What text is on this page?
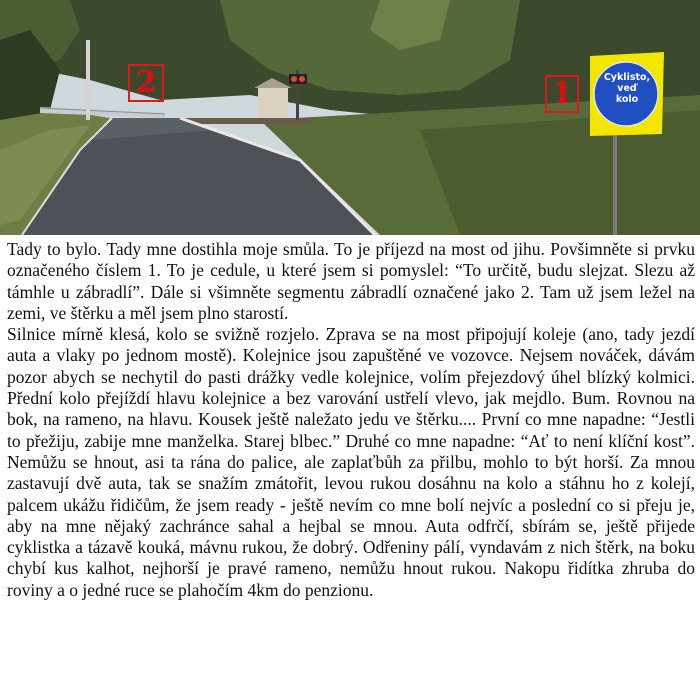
2	1	Cyklisto,
veď
kolo

Tady to bylo. Tady mne dostihla moje smůla. To je příjezd na most od jihu. Povšimněte si prvku označeného číslem 1. To je cedule, u které jsem si pomyslel: “To určitě, budu slejzat. Slezu až támhle u zábradlí”. Dále si všimněte segmentu zábradlí označené jako 2. Tam už jsem ležel na zemi, ve štěrku a měl jsem plno starostí.

Silnice mírně klesá, kolo se svižně rozjelo. Zprava se na most připojují koleje (ano, tady jezdí auta a vlaky po jednom mostě). Kolejnice jsou zapuštěné ve vozovce. Nejsem nováček, dávám pozor abych se nechytil do pasti drážky vedle kolejnice, volím přejezdový úhel blízký kolmici. Přední kolo přejíždí hlavu kolejnice a bez varování ustřelí vlevo, jak mejdlo. Bum. Rovnou na bok, na rameno, na hlavu. Kousek ještě naležato jedu ve štěrku.... První co mne napadne: “Jestli to přežiju, zabije mne manželka. Starej blbec.” Druhé co mne napadne: “Ať to není klíční kost”. Nemůžu se hnout, asi ta rána do palice, ale zaplaťbůh za přilbu, mohlo to být horší. Za mnou zastavují dvě auta, tak se snažím zmátořit, levou rukou dosáhnu na kolo a stáhnu ho z kolejí, palcem ukážu řidičům, že jsem ready - ještě nevím co mne bolí nejvíc a poslední co si přeju je, aby na mne nějaký zachránce sahal a hejbal se mnou. Auta odfrčí, sbírám se, ještě přijede cyklistka a tázavě kouká, mávnu rukou, že dobrý. Odřeniny pálí, vyndavám z nich štěrk, na boku chybí kus kalhot, nejhorší je pravé rameno, nemůžu hnout rukou. Nakopu řidítka zhruba do roviny a o jedné ruce se plahočím 4km do penzionu.
